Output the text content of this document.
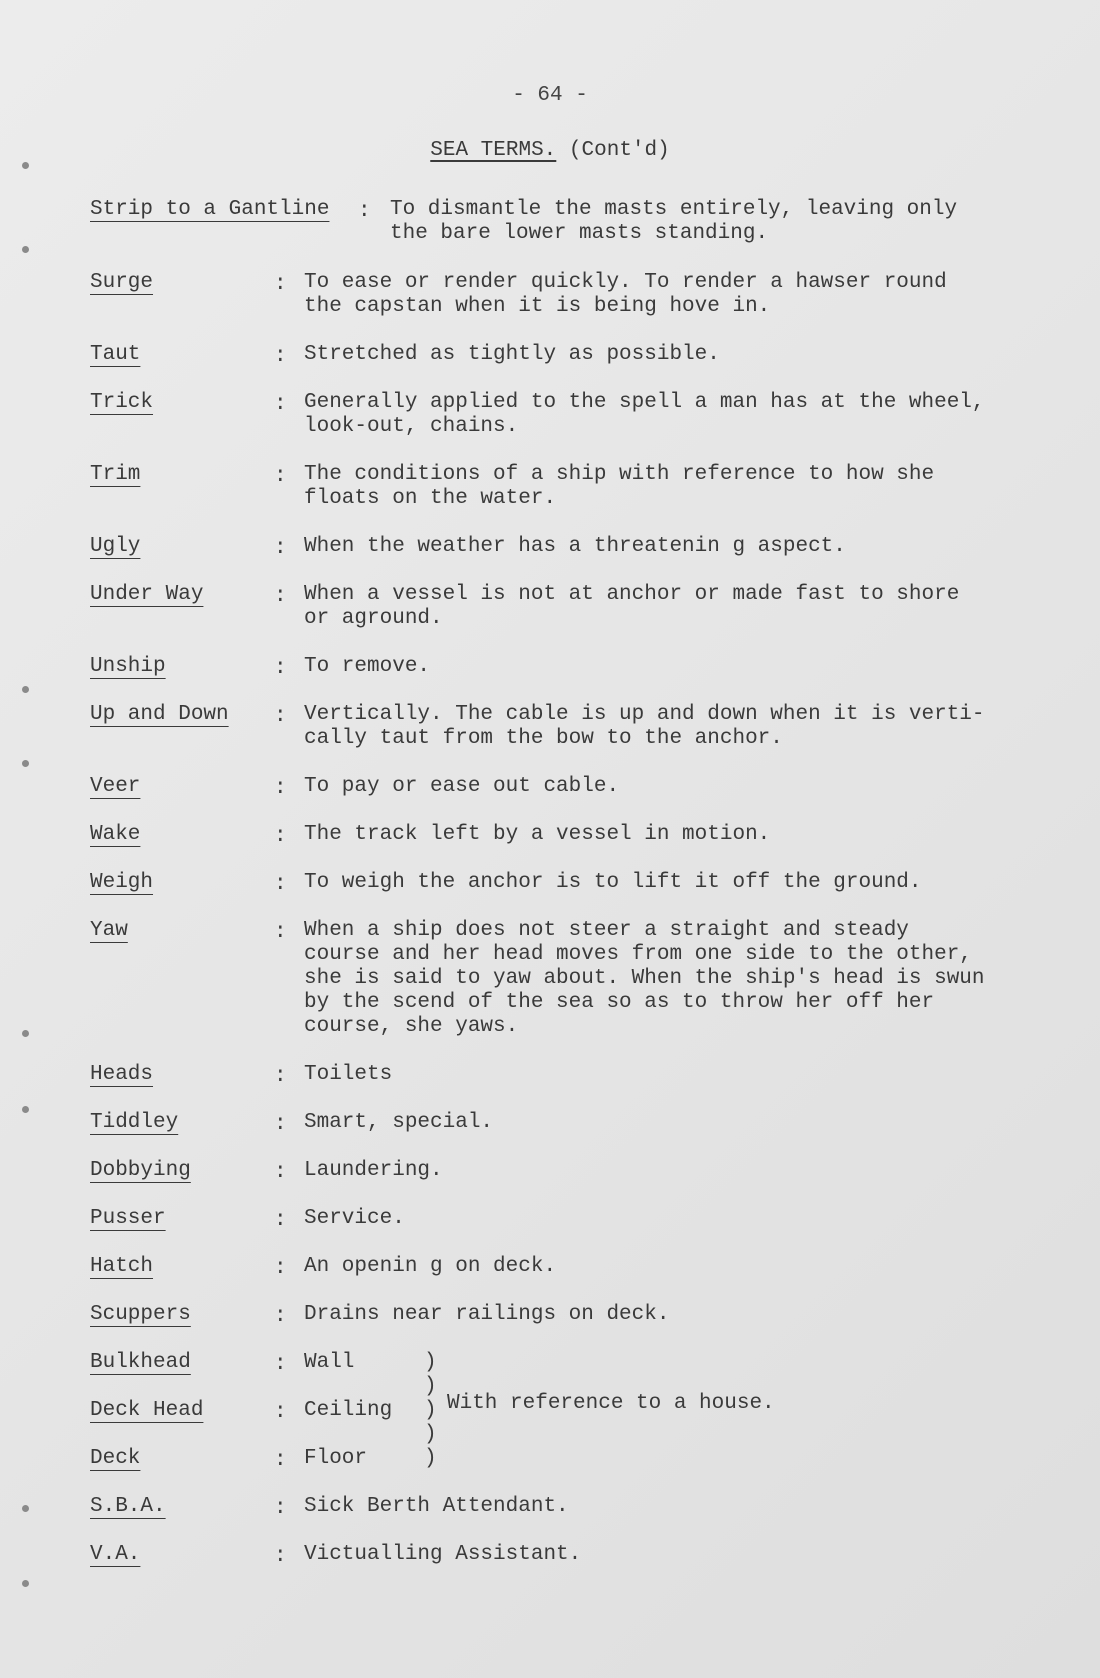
- 64 -
SEA TERMS. (Cont'd)
Strip to a Gantline : To dismantle the masts entirely, leaving only
the bare lower masts standing.
Surge	: To ease or render quickly. To render a hawser round
the capstan when it is being hove in.
Taut	: Stretched as tightly as possible.
Trick	: Generally applied to the spell a man has at the wheel,
look-out, chains.
Trim	: The conditions of a ship with reference to how she
floats on the water.
Ugly	: When the weather has a threatenin g aspect.
Under Way	: When a vessel is not at anchor or made fast to shore
or aground.
Unship	: To remove.
Up and Down : Vertically. The cable is up and down when it is verti-
cally taut from the bow to the anchor.
Veer	: To pay or ease out cable.
Wake	: The track left by a vessel in motion.
Weigh	: To weigh the anchor is to lift it off the ground.
Yaw	: When a ship does not steer a straight and steady
course and her head moves from one side to the other,
she is said to yaw about. When the ship's head is swun
by the scend of the sea so as to throw her off her
course, she yaws.
Heads	: Toilets
Tiddley	: Smart, special.
Dobbying	: Laundering.
Pusser	: Service.
Hatch	: An openin g on deck.
Scuppers	: Drains near railings on deck.
Bulkhead	: Wall
Deck Head	: Ceiling
Deck	: Floor
)
)
)
)
)
With reference to a house.
S.B.A.	: Sick Berth Attendant.
V.A.	: Victualling Assistant.
